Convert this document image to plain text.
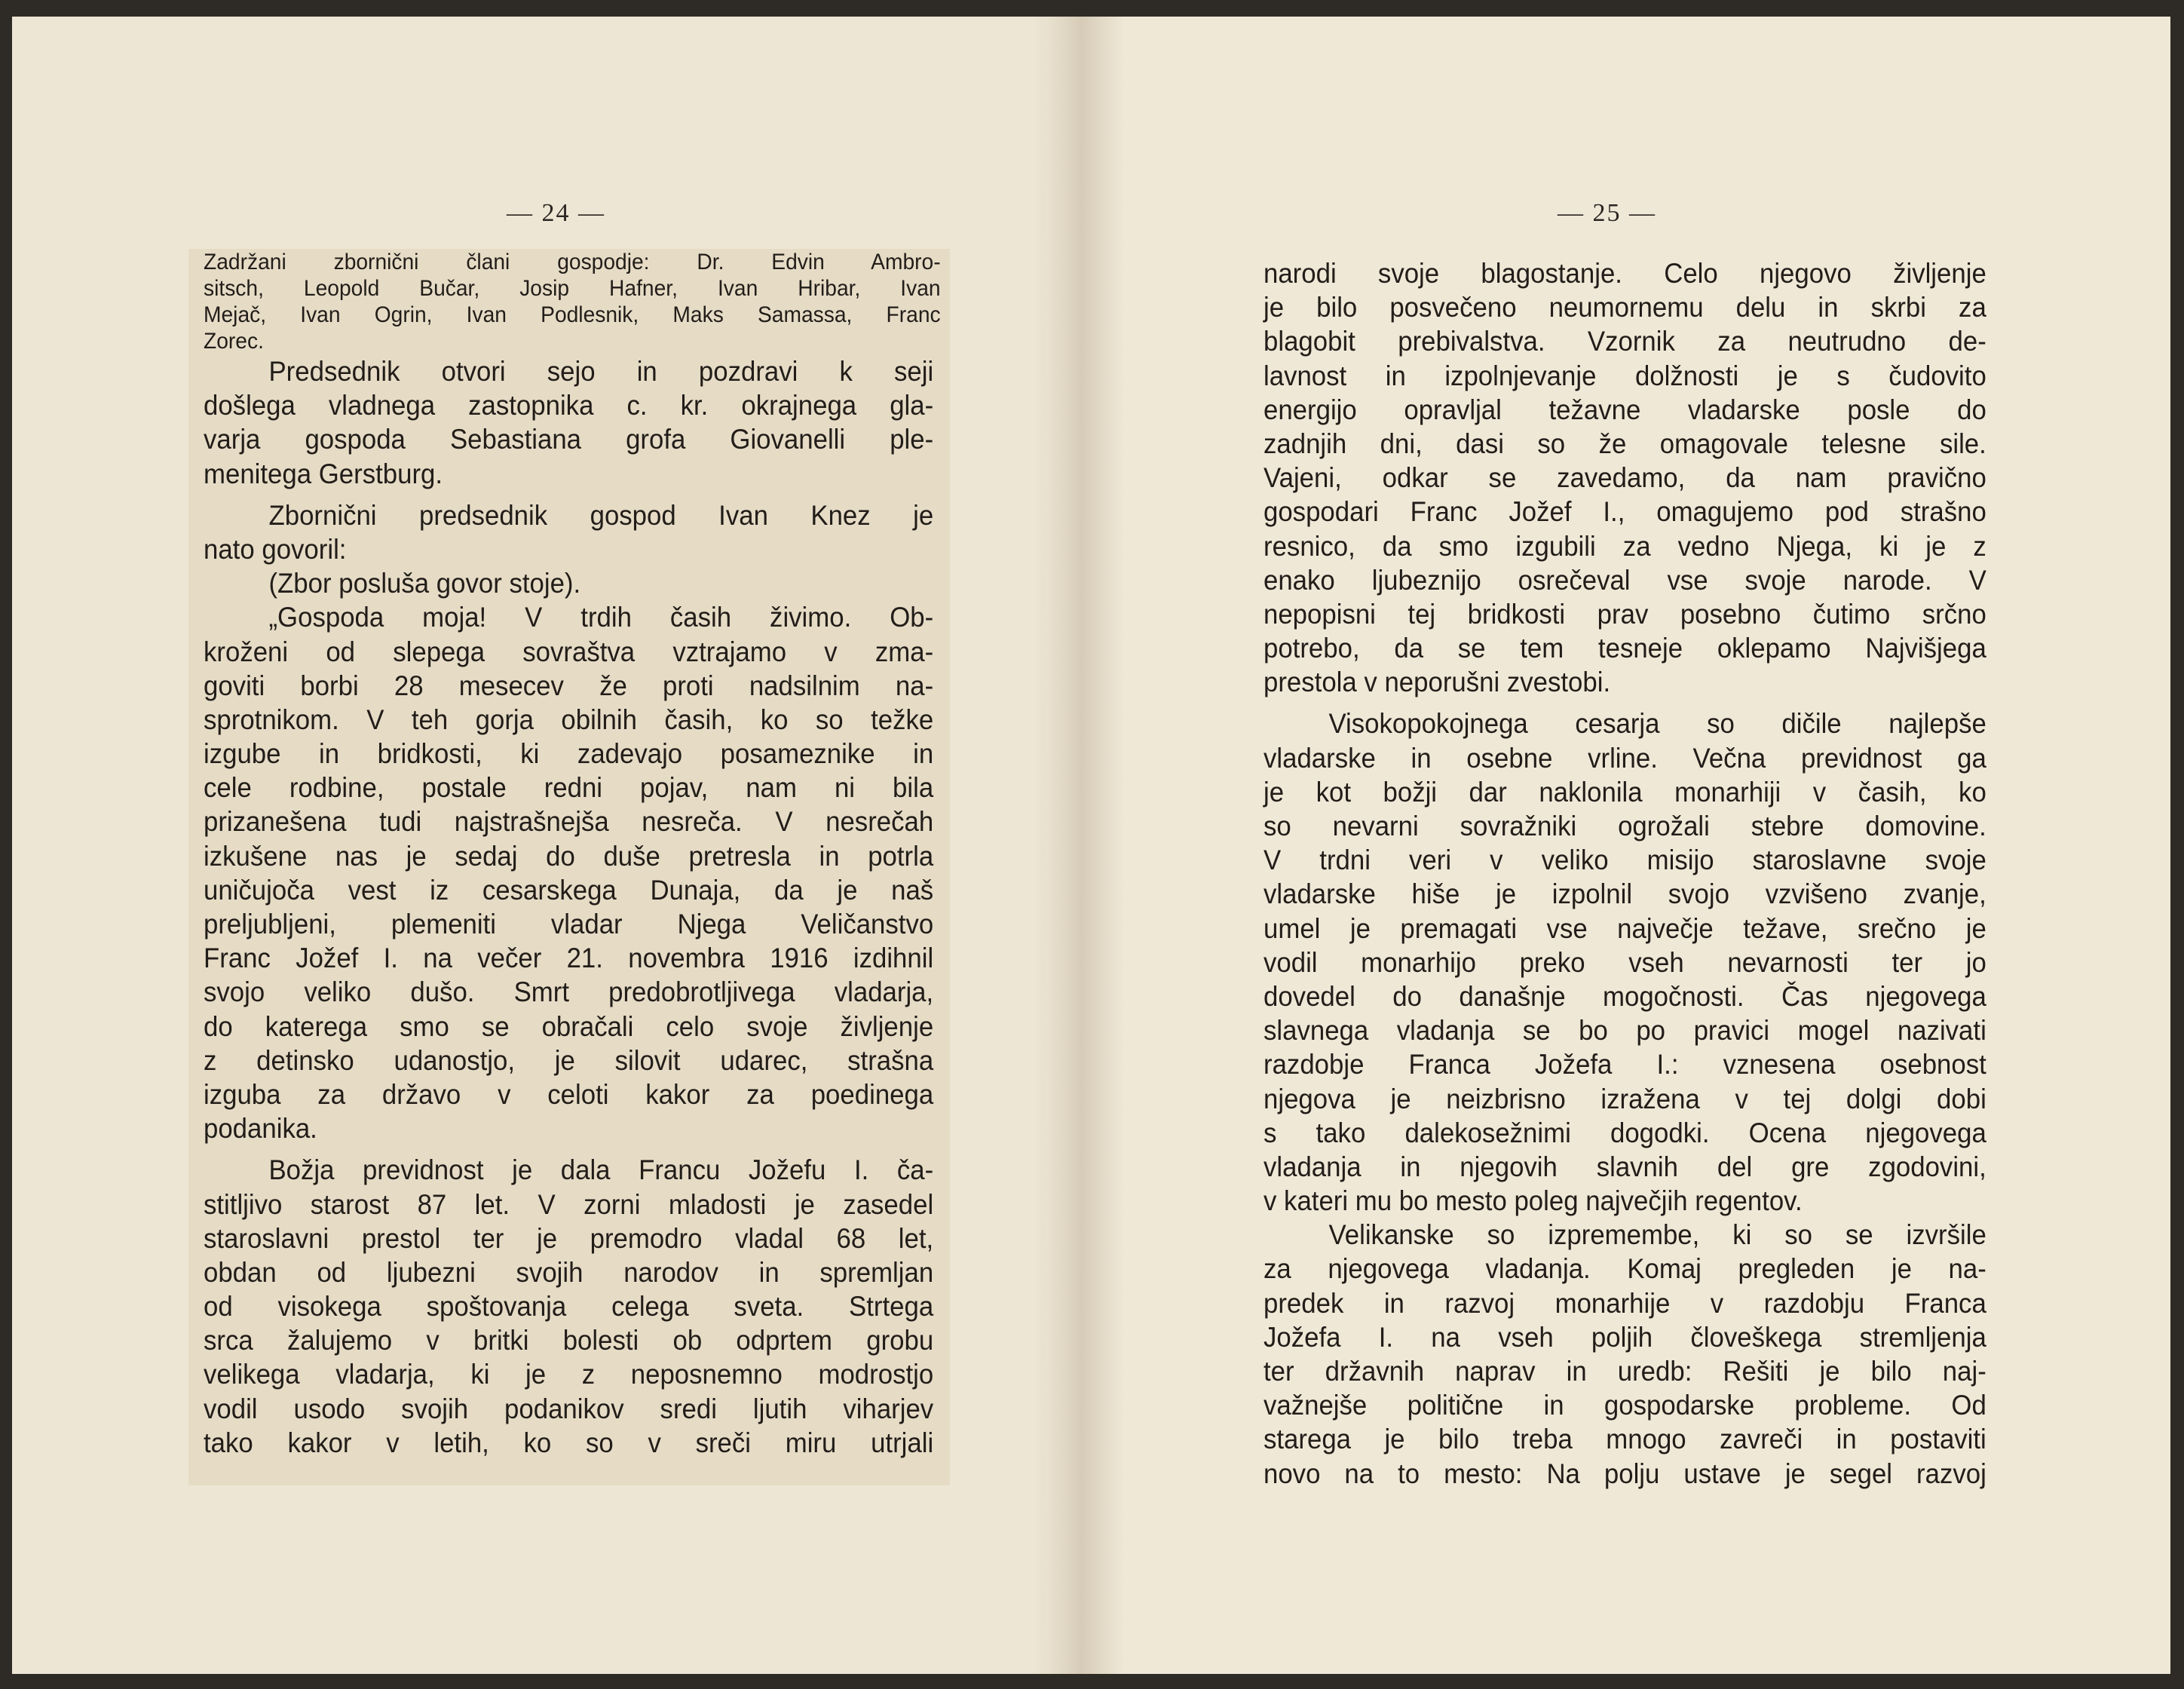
— 24 —	— 25 —
Zadržani zbornični člani gospodje: Dr. Edvin Ambro-
sitsch, Leopold Bučar, Josip Hafner, Ivan Hribar, Ivan
Mejač, Ivan Ogrin, Ivan Podlesnik, Maks Samassa, Franc
Zorec.
Predsednik otvori sejo in pozdravi k seji
došlega vladnega zastopnika c. kr. okrajnega gla-
varja gospoda Sebastiana grofa Giovanelli ple-
menitega Gerstburg.
Zbornični predsednik gospod Ivan Knez je
nato govoril:
(Zbor posluša govor stoje).
„Gospoda moja! V trdih časih živimo. Ob-
kroženi od slepega sovraštva vztrajamo v zma-
goviti borbi 28 mesecev že proti nadsilnim na-
sprotnikom. V teh gorja obilnih časih, ko so težke
izgube in bridkosti, ki zadevajo posameznike in
cele rodbine, postale redni pojav, nam ni bila
prizanešena tudi najstrašnejša nesreča. V nesrečah
izkušene nas je sedaj do duše pretresla in potrla
uničujoča vest iz cesarskega Dunaja, da je naš
preljubljeni, plemeniti vladar Njega Veličanstvo
Franc Jožef I. na večer 21. novembra 1916 izdihnil
svojo veliko dušo. Smrt predobrotljivega vladarja,
do katerega smo se obračali celo svoje življenje
z detinsko udanostjo, je silovit udarec, strašna
izguba za državo v celoti kakor za poedinega
podanika.
Božja previdnost je dala Francu Jožefu I. ča-
stitljivo starost 87 let. V zorni mladosti je zasedel
staroslavni prestol ter je premodro vladal 68 let,
obdan od ljubezni svojih narodov in spremljan
od visokega spoštovanja celega sveta. Strtega
srca žalujemo v britki bolesti ob odprtem grobu
velikega vladarja, ki je z neposnemno modrostjo
vodil usodo svojih podanikov sredi ljutih viharjev
tako kakor v letih, ko so v sreči miru utrjali
narodi svoje blagostanje. Celo njegovo življenje
je bilo posvečeno neumornemu delu in skrbi za
blagobit prebivalstva. Vzornik za neutrudno de-
lavnost in izpolnjevanje dolžnosti je s čudovito
energijo opravljal težavne vladarske posle do
zadnjih dni, dasi so že omagovale telesne sile.
Vajeni, odkar se zavedamo, da nam pravično
gospodari Franc Jožef I., omagujemo pod strašno
resnico, da smo izgubili za vedno Njega, ki je z
enako ljubeznijo osrečeval vse svoje narode. V
nepopisni tej bridkosti prav posebno čutimo srčno
potrebo, da se tem tesneje oklepamo Najvišjega
prestola v neporušni zvestobi.
Visokopokojnega cesarja so dičile najlepše
vladarske in osebne vrline. Večna previdnost ga
je kot božji dar naklonila monarhiji v časih, ko
so nevarni sovražniki ogrožali stebre domovine.
V trdni veri v veliko misijo staroslavne svoje
vladarske hiše je izpolnil svojo vzvišeno zvanje,
umel je premagati vse največje težave, srečno je
vodil monarhijo preko vseh nevarnosti ter jo
dovedel do današnje mogočnosti. Čas njegovega
slavnega vladanja se bo po pravici mogel nazivati
razdobje Franca Jožefa I.: vznesena osebnost
njegova je neizbrisno izražena v tej dolgi dobi
s tako dalekosežnimi dogodki. Ocena njegovega
vladanja in njegovih slavnih del gre zgodovini,
v kateri mu bo mesto poleg največjih regentov.
Velikanske so izpremembe, ki so se izvršile
za njegovega vladanja. Komaj pregleden je na-
predek in razvoj monarhije v razdobju Franca
Jožefa I. na vseh poljih človeškega stremljenja
ter državnih naprav in uredb: Rešiti je bilo naj-
važnejše politične in gospodarske probleme. Od
starega je bilo treba mnogo zavreči in postaviti
novo na to mesto: Na polju ustave je segel razvoj
